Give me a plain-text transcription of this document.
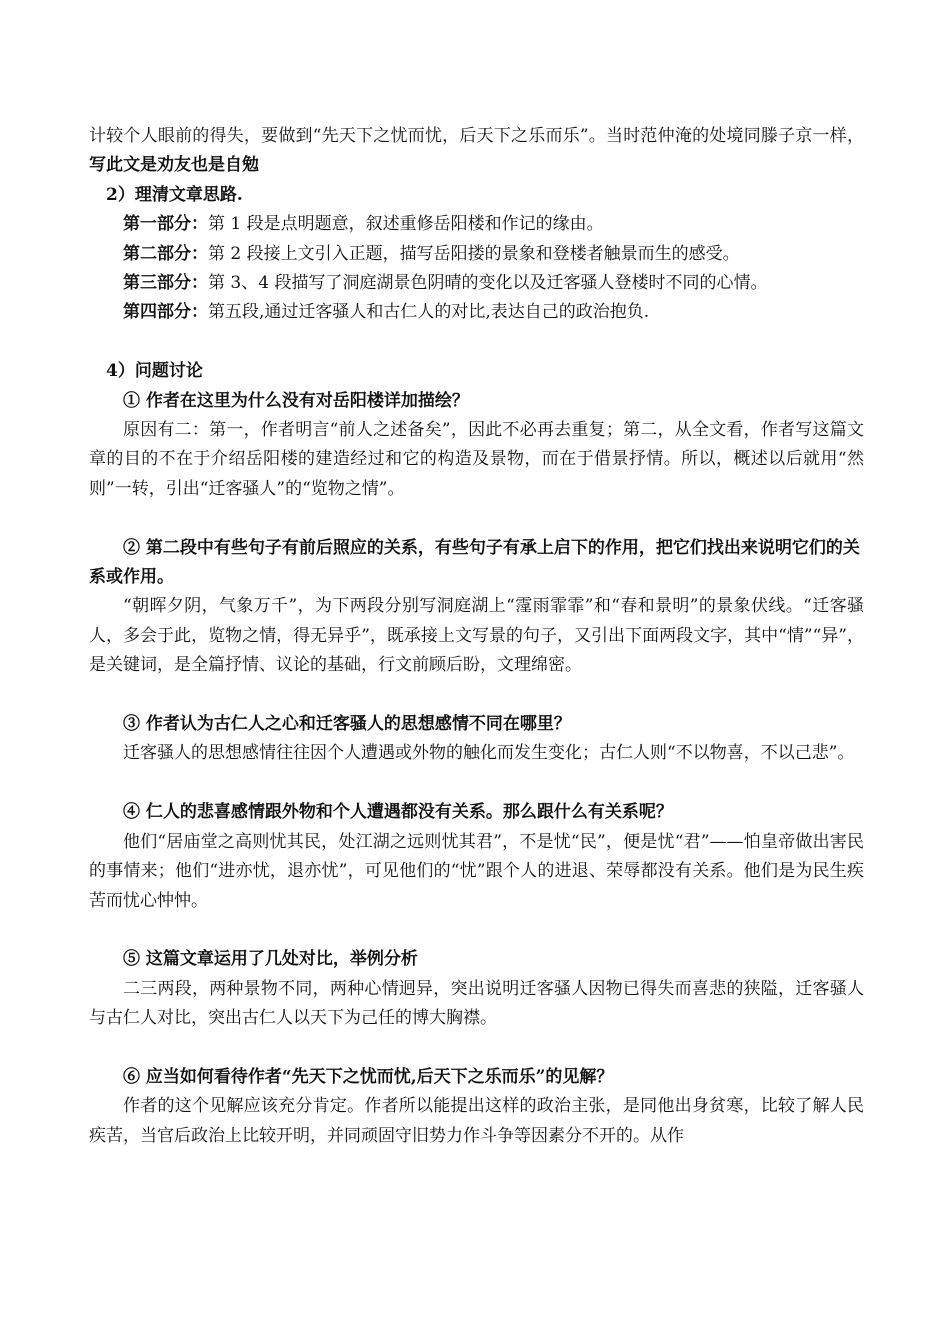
计较个人眼前的得失，要做到“先天下之忧而忧，后天下之乐而乐”。当时范仲淹的处境同滕子京一样，写此文是劝友也是自勉

2）理清文章思路.

第一部分：第 1 段是点明题意，叙述重修岳阳楼和作记的缘由。

第二部分：第 2 段接上文引入正题，描写岳阳搂的景象和登楼者触景而生的感受。

第三部分：第 3、4 段描写了洞庭湖景色阴晴的变化以及迁客骚人登楼时不同的心情。

第四部分：第五段,通过迁客骚人和古仁人的对比,表达自己的政治抱负.

4）问题讨论

① 作者在这里为什么没有对岳阳楼详加描绘？

原因有二：第一，作者明言“前人之述备矣”，因此不必再去重复；第二，从全文看，作者写这篇文章的目的不在于介绍岳阳楼的建造经过和它的构造及景物，而在于借景抒情。所以，概述以后就用“然则”一转，引出“迁客骚人”的“览物之情”。

② 第二段中有些句子有前后照应的关系，有些句子有承上启下的作用，把它们找出来说明它们的关系或作用。

“朝晖夕阴，气象万千”，为下两段分别写洞庭湖上“霪雨霏霏”和“春和景明”的景象伏线。“迁客骚人，多会于此，览物之情，得无异乎”，既承接上文写景的句子，又引出下面两段文字，其中“情”“异”，是关键词，是全篇抒情、议论的基础，行文前顾后盼，文理绵密。

③ 作者认为古仁人之心和迁客骚人的思想感情不同在哪里？

迁客骚人的思想感情往往因个人遭遇或外物的触化而发生变化；古仁人则“不以物喜，不以己悲”。

④ 仁人的悲喜感情跟外物和个人遭遇都没有关系。那么跟什么有关系呢？

他们“居庙堂之高则忧其民，处江湖之远则忧其君”，不是忧“民”，便是忧“君”——怕皇帝做出害民的事情来；他们“进亦忧，退亦忧”，可见他们的“忧”跟个人的进退、荣辱都没有关系。他们是为民生疾苦而忧心忡忡。

⑤ 这篇文章运用了几处对比，举例分析

二三两段，两种景物不同，两种心情迥异，突出说明迁客骚人因物已得失而喜悲的狭隘，迁客骚人与古仁人对比，突出古仁人以天下为己任的博大胸襟。

⑥ 应当如何看待作者“先天下之忧而忧,后天下之乐而乐”的见解？

作者的这个见解应该充分肯定。作者所以能提出这样的政治主张，是同他出身贫寒，比较了解人民疾苦，当官后政治上比较开明，并同顽固守旧势力作斗争等因素分不开的。从作
